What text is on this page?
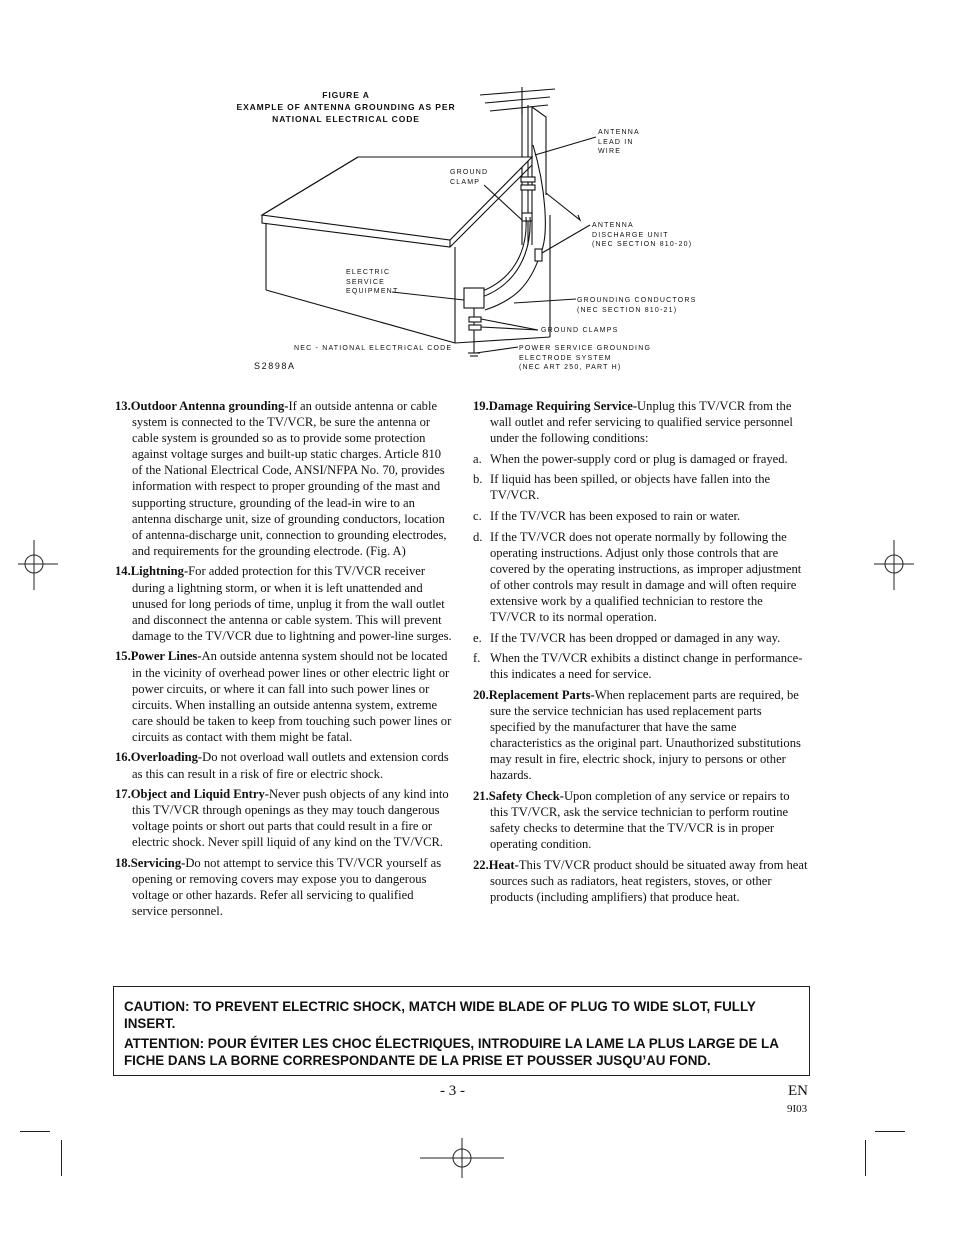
FIGURE A
EXAMPLE OF ANTENNA GROUNDING AS PER
NATIONAL ELECTRICAL CODE
ANTENNA
LEAD IN
WIRE
GROUND
CLAMP
ANTENNA
DISCHARGE UNIT
(NEC SECTION 810-20)
ELECTRIC
SERVICE
EQUIPMENT
GROUNDING CONDUCTORS
(NEC SECTION 810-21)
GROUND CLAMPS
NEC - NATIONAL ELECTRICAL CODE	POWER SERVICE GROUNDING
ELECTRODE SYSTEM
(NEC ART 250, PART H)
S2898A
13.Outdoor Antenna grounding-If an outside antenna or cable system is connected to the TV/VCR, be sure the antenna or cable system is grounded so as to provide some protection against voltage surges and built-up static charges. Article 810 of the National Electrical Code, ANSI/NFPA No. 70, provides information with respect to proper grounding of the mast and supporting structure, grounding of the lead-in wire to an antenna discharge unit, size of grounding conductors, location of antenna-discharge unit, connection to grounding electrodes, and requirements for the grounding electrode. (Fig. A)
14.Lightning-For added protection for this TV/VCR receiver during a lightning storm, or when it is left unattended and unused for long periods of time, unplug it from the wall outlet and disconnect the antenna or cable system. This will prevent damage to the TV/VCR due to lightning and power-line surges.
15.Power Lines-An outside antenna system should not be located in the vicinity of overhead power lines or other electric light or power circuits, or where it can fall into such power lines or circuits. When installing an outside antenna system, extreme care should be taken to keep from touching such power lines or circuits as contact with them might be fatal.
16.Overloading-Do not overload wall outlets and extension cords as this can result in a risk of fire or electric shock.
17.Object and Liquid Entry-Never push objects of any kind into this TV/VCR through openings as they may touch dangerous voltage points or short out parts that could result in a fire or electric shock. Never spill liquid of any kind on the TV/VCR.
18.Servicing-Do not attempt to service this TV/VCR yourself as opening or removing covers may expose you to dangerous voltage or other hazards. Refer all servicing to qualified service personnel.
19.Damage Requiring Service-Unplug this TV/VCR from the wall outlet and refer servicing to qualified service personnel under the following conditions:
a. When the power-supply cord or plug is damaged or frayed.
b. If liquid has been spilled, or objects have fallen into the TV/VCR.
c. If the TV/VCR has been exposed to rain or water.
d. If the TV/VCR does not operate normally by following the operating instructions. Adjust only those controls that are covered by the operating instructions, as improper adjustment of other controls may result in damage and will often require extensive work by a qualified technician to restore the TV/VCR to its normal operation.
e. If the TV/VCR has been dropped or damaged in any way.
f. When the TV/VCR exhibits a distinct change in performance-this indicates a need for service.
20.Replacement Parts-When replacement parts are required, be sure the service technician has used replacement parts specified by the manufacturer that have the same characteristics as the original part. Unauthorized substitutions may result in fire, electric shock, injury to persons or other hazards.
21.Safety Check-Upon completion of any service or repairs to this TV/VCR, ask the service technician to perform routine safety checks to determine that the TV/VCR is in proper operating condition.
22.Heat-This TV/VCR product should be situated away from heat sources such as radiators, heat registers, stoves, or other products (including amplifiers) that produce heat.

CAUTION: TO PREVENT ELECTRIC SHOCK, MATCH WIDE BLADE OF PLUG TO WIDE SLOT, FULLY INSERT.

ATTENTION: POUR ÉVITER LES CHOC ÉLECTRIQUES, INTRODUIRE LA LAME LA PLUS LARGE DE LA FICHE DANS LA BORNE CORRESPONDANTE DE LA PRISE ET POUSSER JUSQU’AU FOND.

- 3 -	EN
9I03
